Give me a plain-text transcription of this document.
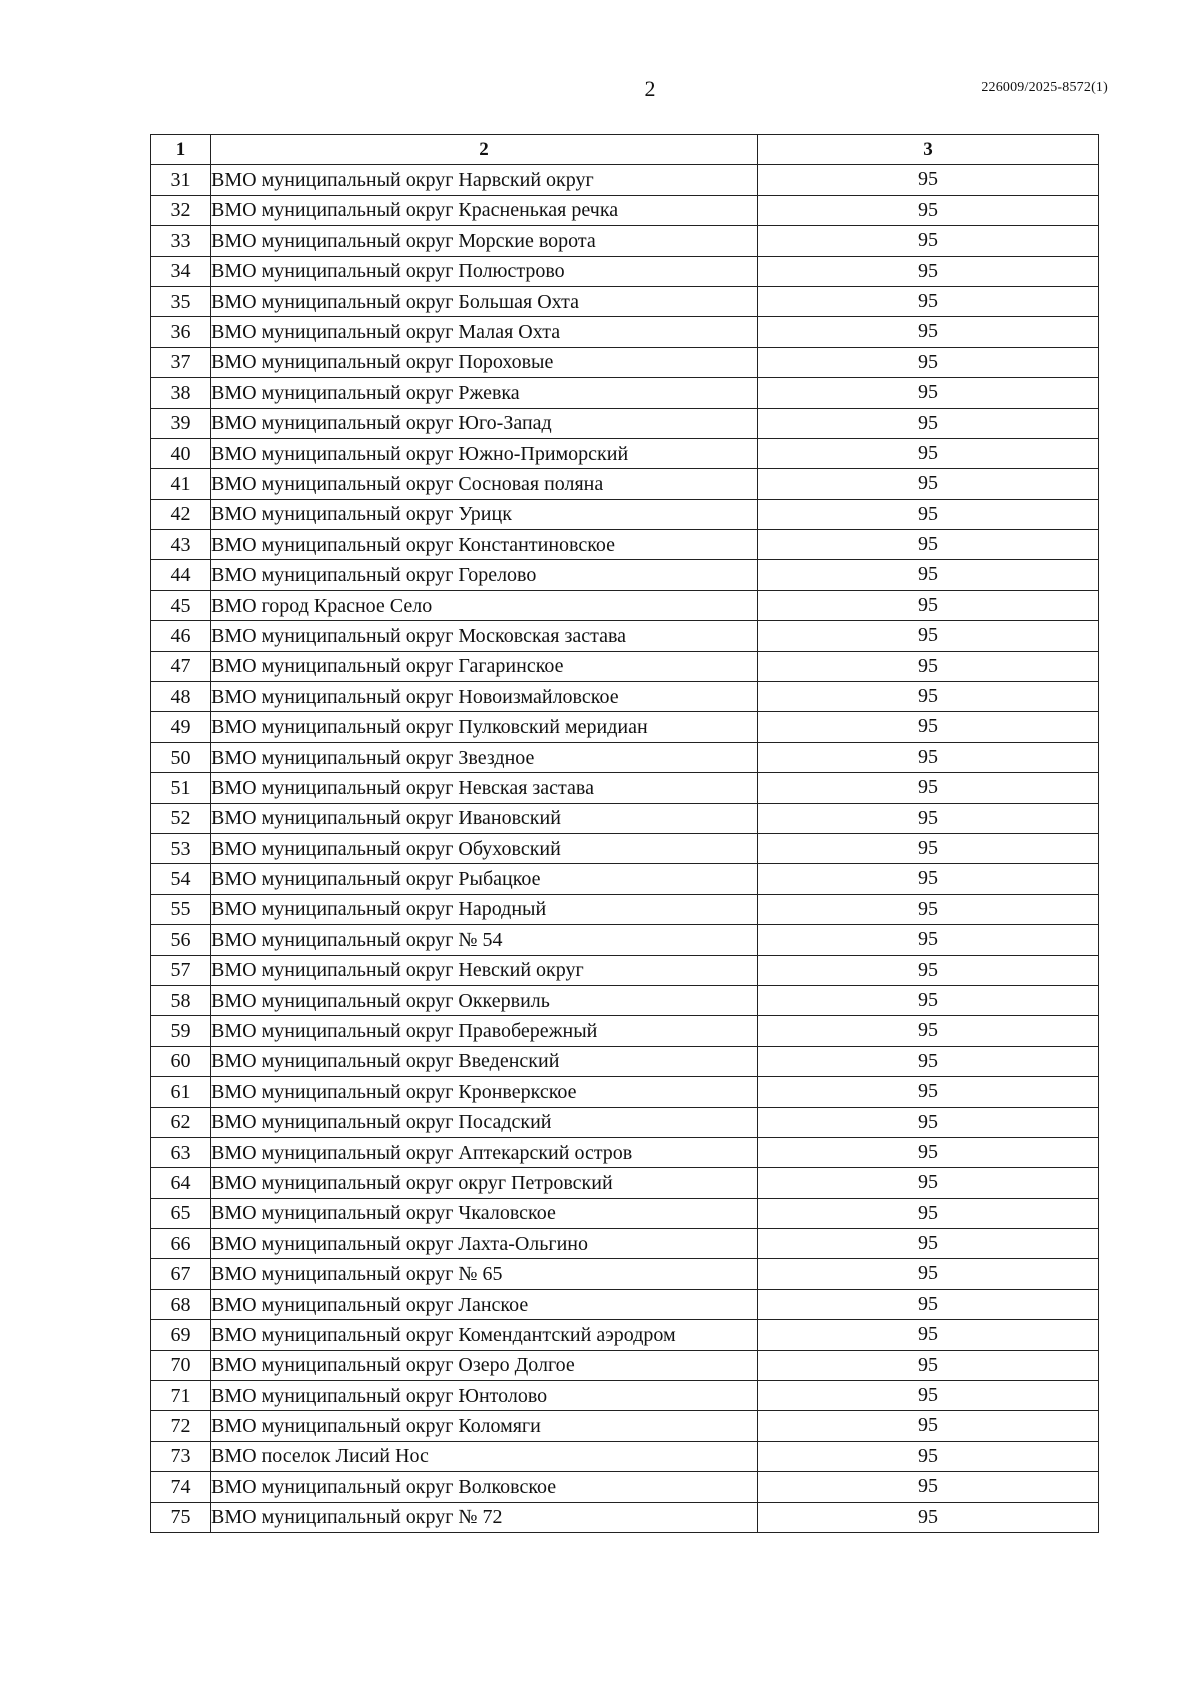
2	226009/2025-8572(1)
1	2	3
31	ВМО муниципальный округ Нарвский округ	95
32	ВМО муниципальный округ Красненькая речка	95
33	ВМО муниципальный округ Морские ворота	95
34	ВМО муниципальный округ Полюстрово	95
35	ВМО муниципальный округ Большая Охта	95
36	ВМО муниципальный округ Малая Охта	95
37	ВМО муниципальный округ Пороховые	95
38	ВМО муниципальный округ Ржевка	95
39	ВМО муниципальный округ Юго-Запад	95
40	ВМО муниципальный округ Южно-Приморский	95
41	ВМО муниципальный округ Сосновая поляна	95
42	ВМО муниципальный округ Урицк	95
43	ВМО муниципальный округ Константиновское	95
44	ВМО муниципальный округ Горелово	95
45	ВМО город Красное Село	95
46	ВМО муниципальный округ Московская застава	95
47	ВМО муниципальный округ Гагаринское	95
48	ВМО муниципальный округ Новоизмайловское	95
49	ВМО муниципальный округ Пулковский меридиан	95
50	ВМО муниципальный округ Звездное	95
51	ВМО муниципальный округ Невская застава	95
52	ВМО муниципальный округ Ивановский	95
53	ВМО муниципальный округ Обуховский	95
54	ВМО муниципальный округ Рыбацкое	95
55	ВМО муниципальный округ Народный	95
56	ВМО муниципальный округ № 54	95
57	ВМО муниципальный округ Невский округ	95
58	ВМО муниципальный округ Оккервиль	95
59	ВМО муниципальный округ Правобережный	95
60	ВМО муниципальный округ Введенский	95
61	ВМО муниципальный округ Кронверкское	95
62	ВМО муниципальный округ Посадский	95
63	ВМО муниципальный округ Аптекарский остров	95
64	ВМО муниципальный округ округ Петровский	95
65	ВМО муниципальный округ Чкаловское	95
66	ВМО муниципальный округ Лахта-Ольгино	95
67	ВМО муниципальный округ № 65	95
68	ВМО муниципальный округ Ланское	95
69	ВМО муниципальный округ Комендантский аэродром	95
70	ВМО муниципальный округ Озеро Долгое	95
71	ВМО муниципальный округ Юнтолово	95
72	ВМО муниципальный округ Коломяги	95
73	ВМО поселок Лисий Нос	95
74	ВМО муниципальный округ Волковское	95
75	ВМО муниципальный округ № 72	95
